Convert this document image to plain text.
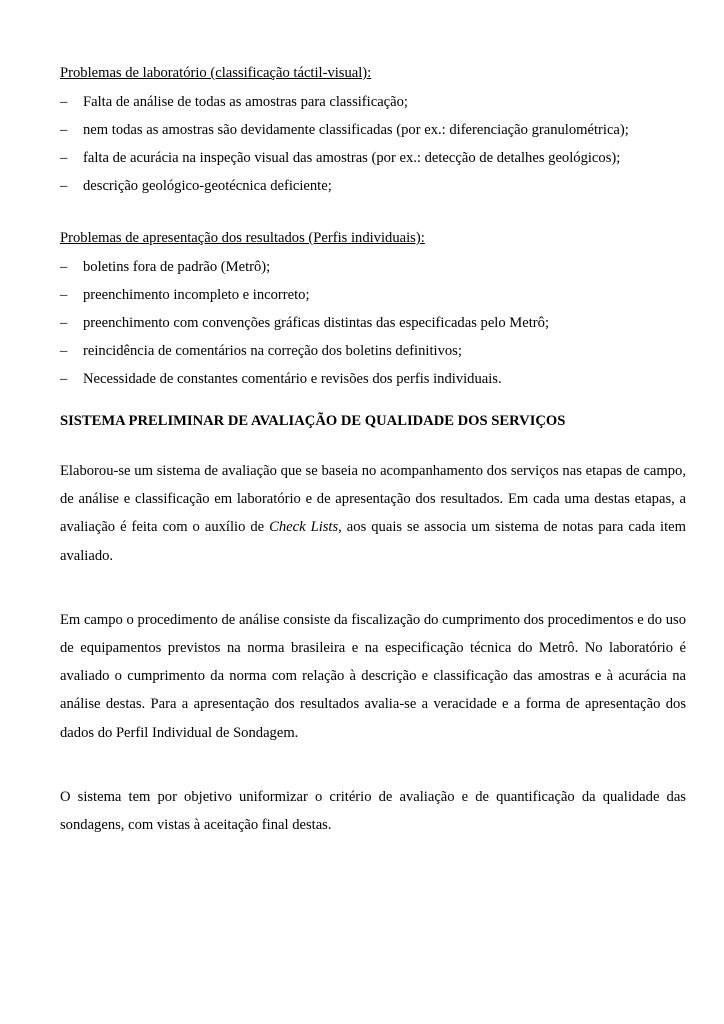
Problemas de laboratório (classificação táctil-visual):

– Falta de análise de todas as amostras para classificação;
– nem todas as amostras são devidamente classificadas (por ex.: diferenciação granulométrica);
– falta de acurácia na inspeção visual das amostras (por ex.: detecção de detalhes geológicos);
– descrição geológico-geotécnica deficiente;

Problemas de apresentação dos resultados (Perfis individuais):

– boletins fora de padrão (Metrô);
– preenchimento incompleto e incorreto;
– preenchimento com convenções gráficas distintas das especificadas pelo Metrô;
– reincidência de comentários na correção dos boletins definitivos;
– Necessidade de constantes comentário e revisões dos perfis individuais.

SISTEMA PRELIMINAR DE AVALIAÇÃO DE QUALIDADE DOS SERVIÇOS

Elaborou-se um sistema de avaliação que se baseia no acompanhamento dos serviços nas etapas de campo, de análise e classificação em laboratório e de apresentação dos resultados. Em cada uma destas etapas, a avaliação é feita com o auxílio de Check Lists, aos quais se associa um sistema de notas para cada item avaliado.

Em campo o procedimento de análise consiste da fiscalização do cumprimento dos procedimentos e do uso de equipamentos previstos na norma brasileira e na especificação técnica do Metrô. No laboratório é avaliado o cumprimento da norma com relação à descrição e classificação das amostras e à acurácia na análise destas. Para a apresentação dos resultados avalia-se a veracidade e a forma de apresentação dos dados do Perfil Individual de Sondagem.

O sistema tem por objetivo uniformizar o critério de avaliação e de quantificação da qualidade das sondagens, com vistas à aceitação final destas.
